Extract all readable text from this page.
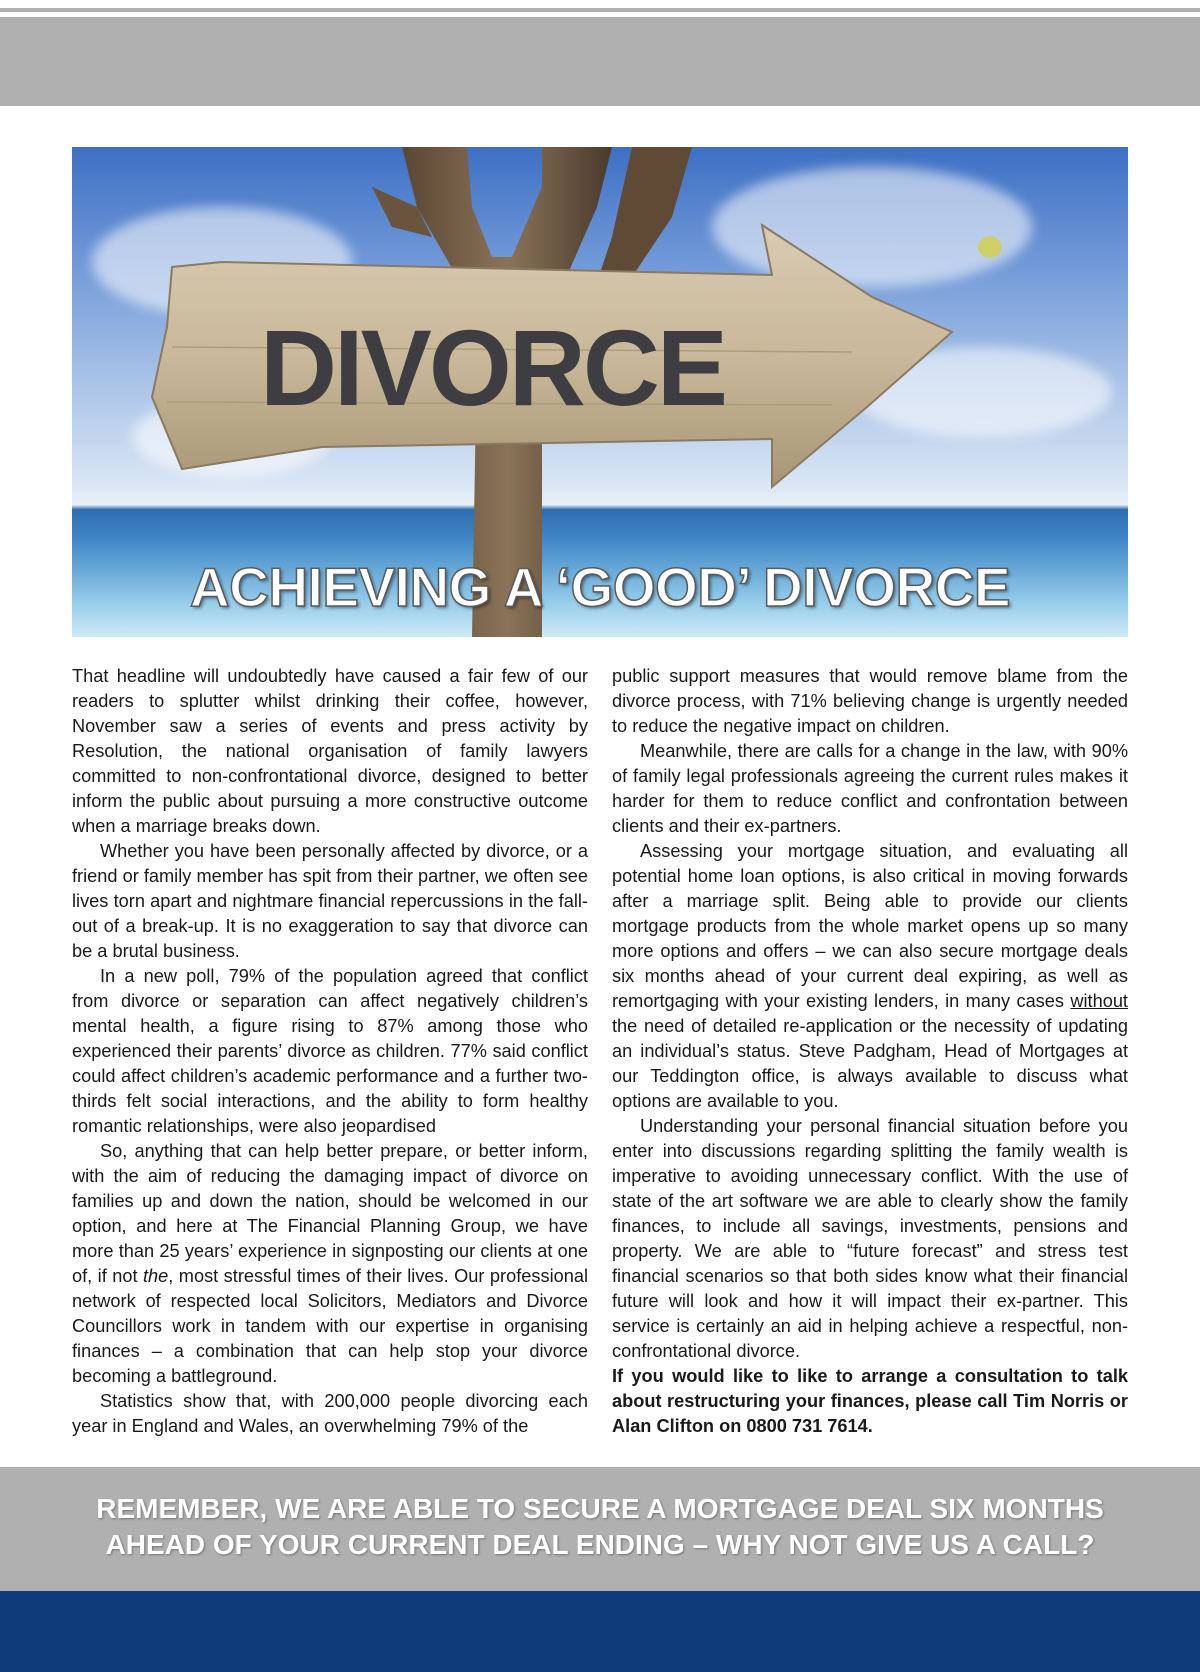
DIVORCE
ACHIEVING A ‘GOOD’ DIVORCE

That headline will undoubtedly have caused a fair few of our readers to splutter whilst drinking their coffee, however, November saw a series of events and press activity by Resolution, the national organisation of family lawyers committed to non-confrontational divorce, designed to better inform the public about pursuing a more constructive outcome when a marriage breaks down.

Whether you have been personally affected by divorce, or a friend or family member has spit from their partner, we often see lives torn apart and nightmare financial repercussions in the fall-out of a break-up. It is no exaggeration to say that divorce can be a brutal business.

In a new poll, 79% of the population agreed that conflict from divorce or separation can affect negatively children’s mental health, a figure rising to 87% among those who experienced their parents’ divorce as children. 77% said conflict could affect children’s academic performance and a further two-thirds felt social interactions, and the ability to form healthy romantic relationships, were also jeopardised

So, anything that can help better prepare, or better inform, with the aim of reducing the damaging impact of divorce on families up and down the nation, should be welcomed in our option, and here at The Financial Planning Group, we have more than 25 years’ experience in signposting our clients at one of, if not the, most stressful times of their lives. Our professional network of respected local Solicitors, Mediators and Divorce Councillors work in tandem with our expertise in organising finances – a combination that can help stop your divorce becoming a battleground.

Statistics show that, with 200,000 people divorcing each year in England and Wales, an overwhelming 79% of the

public support measures that would remove blame from the divorce process, with 71% believing change is urgently needed to reduce the negative impact on children.

Meanwhile, there are calls for a change in the law, with 90% of family legal professionals agreeing the current rules makes it harder for them to reduce conflict and confrontation between clients and their ex-partners.

Assessing your mortgage situation, and evaluating all potential home loan options, is also critical in moving forwards after a marriage split. Being able to provide our clients mortgage products from the whole market opens up so many more options and offers – we can also secure mortgage deals six months ahead of your current deal expiring, as well as remortgaging with your existing lenders, in many cases without the need of detailed re-application or the necessity of updating an individual’s status. Steve Padgham, Head of Mortgages at our Teddington office, is always available to discuss what options are available to you.

Understanding your personal financial situation before you enter into discussions regarding splitting the family wealth is imperative to avoiding unnecessary conflict. With the use of state of the art software we are able to clearly show the family finances, to include all savings, investments, pensions and property. We are able to “future forecast” and stress test financial scenarios so that both sides know what their financial future will look and how it will impact their ex-partner. This service is certainly an aid in helping achieve a respectful, non-confrontational divorce.

If you would like to like to arrange a consultation to talk about restructuring your finances, please call Tim Norris or Alan Clifton on 0800 731 7614.

REMEMBER, WE ARE ABLE TO SECURE A MORTGAGE DEAL SIX MONTHS
AHEAD OF YOUR CURRENT DEAL ENDING – WHY NOT GIVE US A CALL?
